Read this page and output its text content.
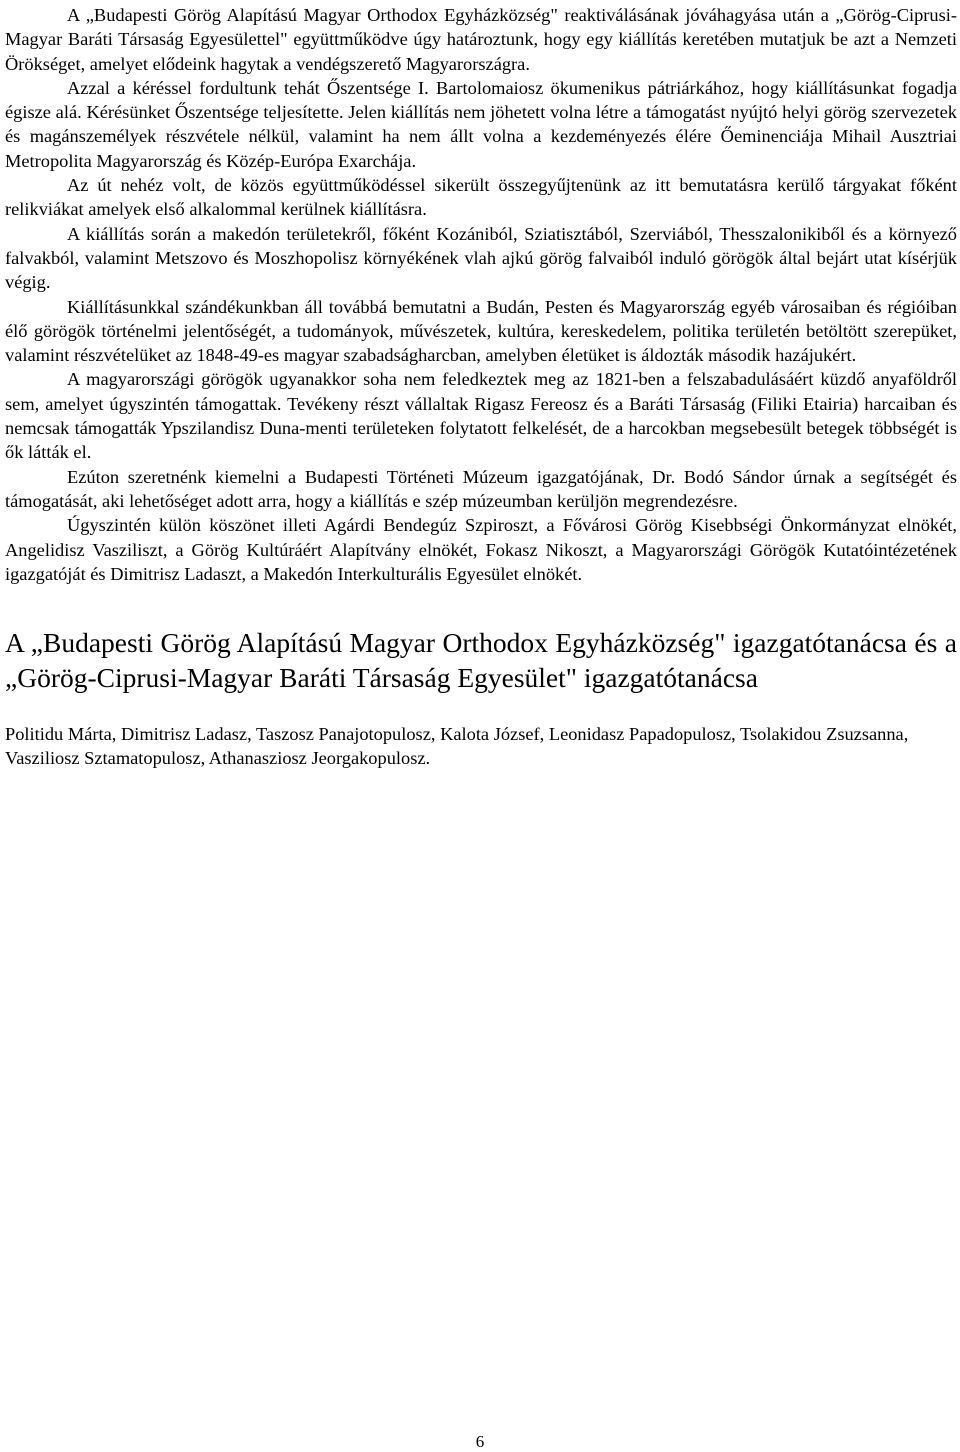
A „Budapesti Görög Alapítású Magyar Orthodox Egyházközség" reaktiválásának jóváhagyása után a „Görög-Ciprusi-Magyar Baráti Társaság Egyesülettel" együttműködve úgy határoztunk, hogy egy kiállítás keretében mutatjuk be azt a Nemzeti Örökséget, amelyet elődeink hagytak a vendégszerető Magyarországra.

Azzal a kéréssel fordultunk tehát Őszentsége I. Bartolomaiosz ökumenikus pátriárkához, hogy kiállításunkat fogadja égisze alá. Kérésünket Őszentsége teljesítette. Jelen kiállítás nem jöhetett volna létre a támogatást nyújtó helyi görög szervezetek és magánszemélyek részvétele nélkül, valamint ha nem állt volna a kezdeményezés élére Őeminenciája Mihail Ausztriai Metropolita Magyarország és Közép-Európa Exarchája.

Az út nehéz volt, de közös együttműködéssel sikerült összegyűjtenünk az itt bemutatásra kerülő tárgyakat főként relikviákat amelyek első alkalommal kerülnek kiállításra.

A kiállítás során a makedón területekről, főként Kozániból, Sziatisztából, Szerviából, Thesszalonikiből és a környező falvakból, valamint Metszovo és Moszhopolisz környékének vlah ajkú görög falvaiból induló görögök által bejárt utat kísérjük végig.

Kiállításunkkal szándékunkban áll továbbá bemutatni a Budán, Pesten és Magyarország egyéb városaiban és régióiban élő görögök történelmi jelentőségét, a tudományok, művészetek, kultúra, kereskedelem, politika területén betöltött szerepüket, valamint részvételüket az 1848-49-es magyar szabadságharcban, amelyben életüket is áldozták második hazájukért.

A magyarországi görögök ugyanakkor soha nem feledkeztek meg az 1821-ben a felszabadulásáért küzdő anyaföldről sem, amelyet úgyszintén támogattak. Tevékeny részt vállaltak Rigasz Fereosz és a Baráti Társaság (Filiki Etairia) harcaiban és nemcsak támogatták Ypszilandisz Duna-menti területeken folytatott felkelését, de a harcokban megsebesült betegek többségét is ők látták el.

Ezúton szeretnénk kiemelni a Budapesti Történeti Múzeum igazgatójának, Dr. Bodó Sándor úrnak a segítségét és támogatását, aki lehetőséget adott arra, hogy a kiállítás e szép múzeumban kerüljön megrendezésre.

Úgyszintén külön köszönet illeti Agárdi Bendegúz Szpiroszt, a Fővárosi Görög Kisebbségi Önkormányzat elnökét, Angelidisz Vasziliszt, a Görög Kultúráért Alapítvány elnökét, Fokasz Nikoszt, a Magyarországi Görögök Kutatóintézetének igazgatóját és Dimitrisz Ladaszt, a Makedón Interkulturális Egyesület elnökét.

A „Budapesti Görög Alapítású Magyar Orthodox Egyházközség" igazgatótanácsa és a „Görög-Ciprusi-Magyar Baráti Társaság Egyesület" igazgatótanácsa

Politidu Márta, Dimitrisz Ladasz, Taszosz Panajotopulosz, Kalota József, Leonidasz Papadopulosz, Tsolakidou Zsuzsanna, Vasziliosz Sztamatopulosz, Athanasziosz Jeorgakopulosz.

6
